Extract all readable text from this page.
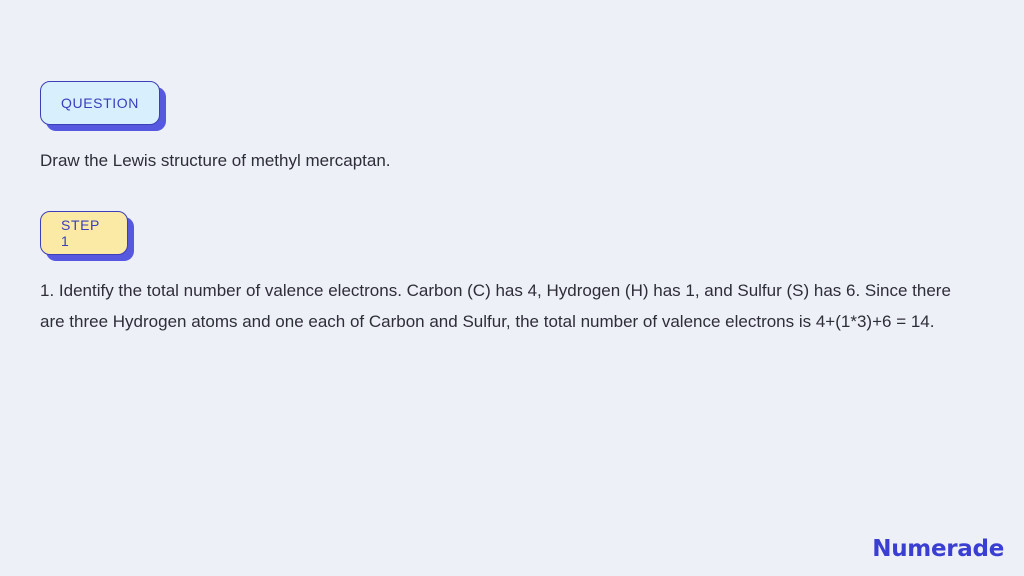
QUESTION
Draw the Lewis structure of methyl mercaptan.
STEP 1
1. Identify the total number of valence electrons. Carbon (C) has 4, Hydrogen (H) has 1, and Sulfur (S) has 6. Since there are three Hydrogen atoms and one each of Carbon and Sulfur, the total number of valence electrons is 4+(1*3)+6 = 14.
Numerade
